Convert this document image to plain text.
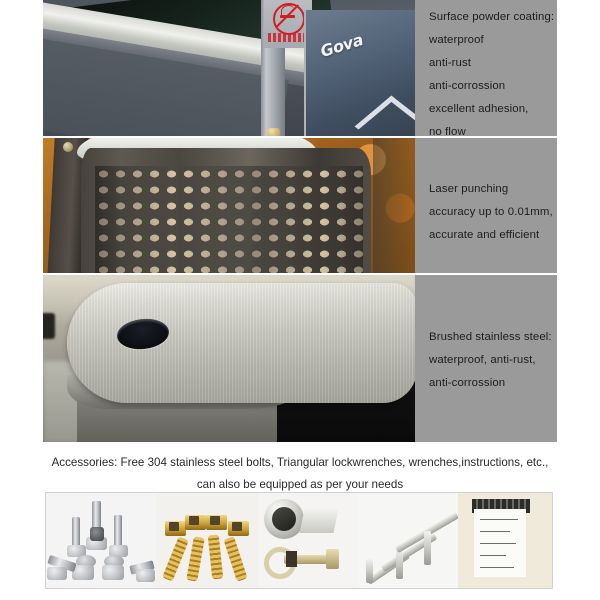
Gova
Surface powder coating:
waterproof
anti-rust
anti-corrossion
excellent adhesion,
no flow
Laser punching
accuracy up to 0.01mm,
accurate and efficient
Brushed stainless steel:
waterproof, anti-rust,
anti-corrossion
Accessories: Free 304 stainless steel bolts, Triangular lockwrenches, wrenches,instructions, etc.,
can also be equipped as per your needs
